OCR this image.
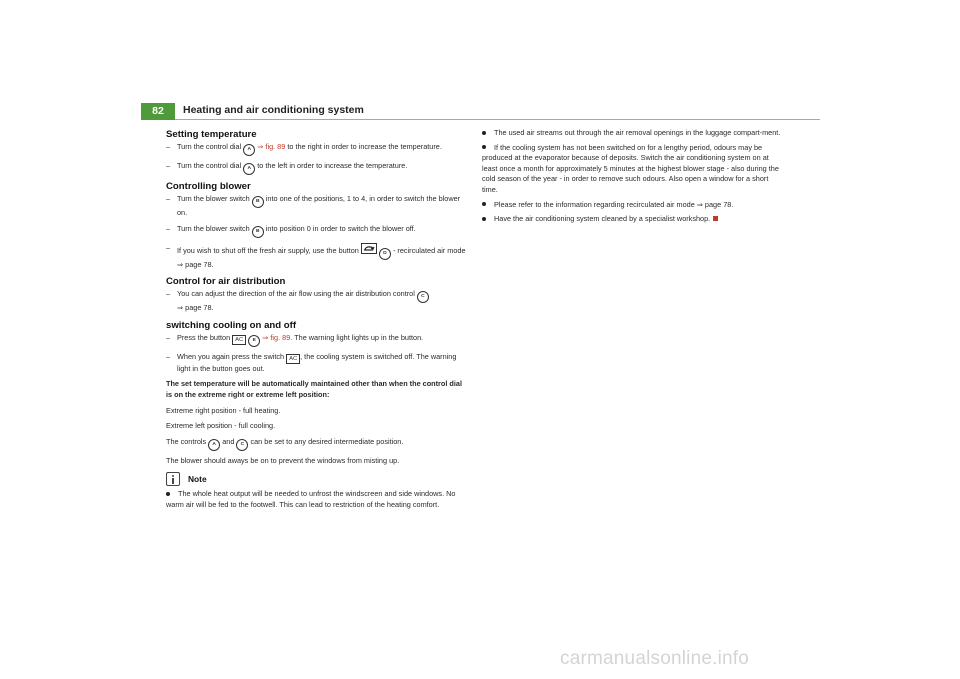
82	Heating and air conditioning system
Setting temperature
– Turn the control dial A ⇒ fig. 89 to the right in order to increase the temperature.
– Turn the control dial A to the left in order to increase the temperature.
Controlling blower
– Turn the blower switch B into one of the positions, 1 to 4, in order to switch the blower on.
– Turn the blower switch B into position 0 in order to switch the blower off.
– If you wish to shut off the fresh air supply, use the button	D - recirculated air mode ⇒ page 78.
Control for air distribution
– You can adjust the direction of the air flow using the air distribution control C
⇒ page 78.
switching cooling on and off
– Press the button AC E ⇒ fig. 89. The warning light lights up in the button.
– When you again press the switch AC , the cooling system is switched off. The warning light in the button goes out.

The set temperature will be automatically maintained other than when the control dial is on the extreme right or extreme left position:

Extreme right position - full heating.

Extreme left position - full cooling.

The controls A and C can be set to any desired intermediate position.

The blower should aways be on to prevent the windows from misting up.

Note

The whole heat output will be needed to unfrost the windscreen and side windows. No warm air will be fed to the footwell. This can lead to restriction of the heating comfort.

The used air streams out through the air removal openings in the luggage compart-ment.

If the cooling system has not been switched on for a lengthy period, odours may be produced at the evaporator because of deposits. Switch the air conditioning system on at least once a month for approximately 5 minutes at the highest blower stage - also during the cold season of the year - in order to remove such odours. Also open a window for a short time.

Please refer to the information regarding recirculated air mode ⇒ page 78.

Have the air conditioning system cleaned by a specialist workshop.

carmanualsonline.info
